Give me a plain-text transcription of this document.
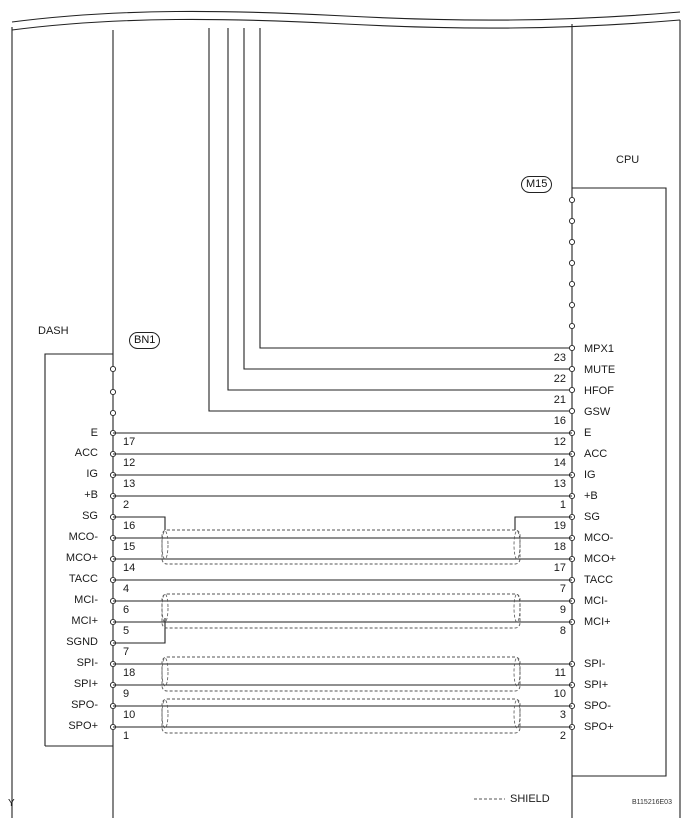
DASH
CPU
BN1
M15
Y	SHIELD	B115216E03
E
ACC
IG
+B
SG
MCO-
MCO+
TACC
MCI-
MCI+
SGND
SPI-
SPI+
SPO-
SPO+
MPX1
MUTE
HFOF
GSW
E
ACC
IG
+B
SG
MCO-
MCO+
TACC
MCI-
MCI+
SPI-
SPI+
SPO-
SPO+
17
12
13
2
16
15
14
4
6
5
7
18
9
10
1
23
22
21
16
12
14
13
1
19
18
17
7
9
8
11
10
3
2
